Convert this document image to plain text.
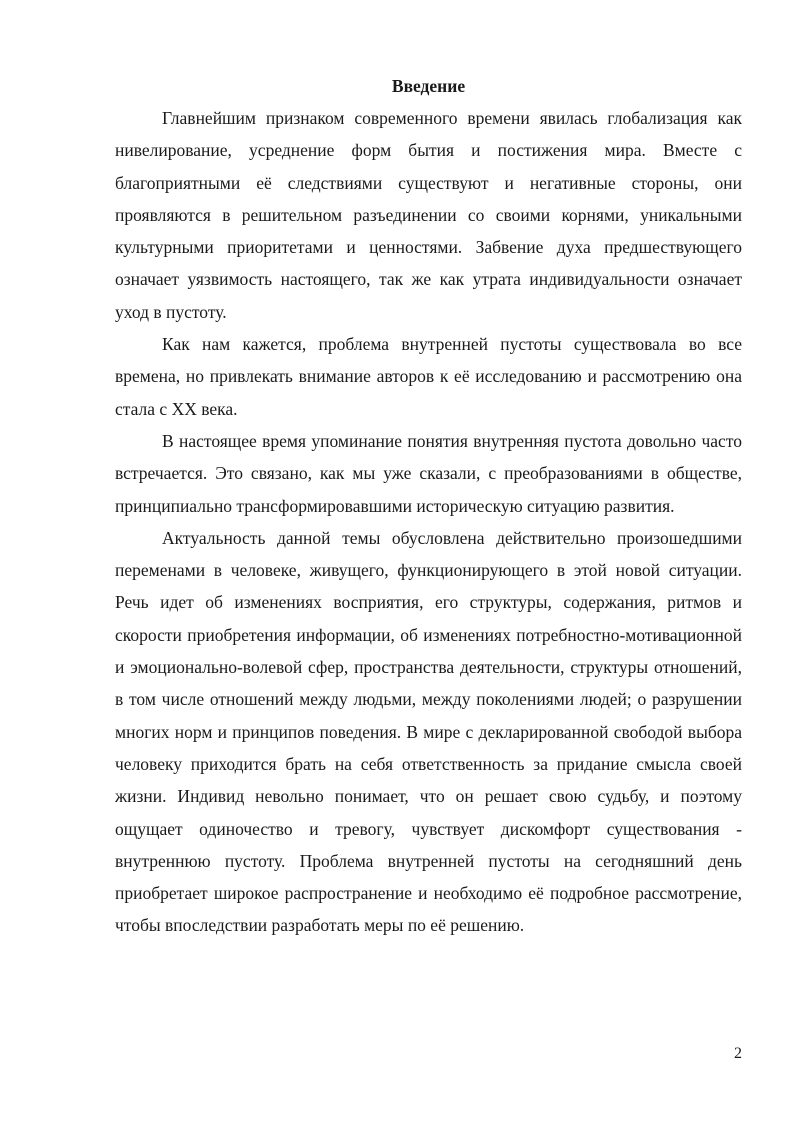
Введение

Главнейшим признаком современного времени явилась глобализация как нивелирование, усреднение форм бытия и постижения мира. Вместе с благоприятными её следствиями существуют и негативные стороны, они проявляются в решительном разъединении со своими корнями, уникальными культурными приоритетами и ценностями. Забвение духа предшествующего означает уязвимость настоящего, так же как утрата индивидуальности означает уход в пустоту.

Как нам кажется, проблема внутренней пустоты существовала во все времена, но привлекать внимание авторов к её исследованию и рассмотрению она стала с XX века.

В настоящее время упоминание понятия внутренняя пустота довольно часто встречается. Это связано, как мы уже сказали, с преобразованиями в обществе, принципиально трансформировавшими историческую ситуацию развития.

Актуальность данной темы обусловлена действительно произошедшими переменами в человеке, живущего, функционирующего в этой новой ситуации. Речь идет об изменениях восприятия, его структуры, содержания, ритмов и скорости приобретения информации, об изменениях потребностно-мотивационной и эмоционально-волевой сфер, пространства деятельности, структуры отношений, в том числе отношений между людьми, между поколениями людей; о разрушении многих норм и принципов поведения. В мире с декларированной свободой выбора человеку приходится брать на себя ответственность за придание смысла своей жизни. Индивид невольно понимает, что он решает свою судьбу, и поэтому ощущает одиночество и тревогу, чувствует дискомфорт существования - внутреннюю пустоту. Проблема внутренней пустоты на сегодняшний день приобретает широкое распространение и необходимо её подробное рассмотрение, чтобы впоследствии разработать меры по её решению.

2
